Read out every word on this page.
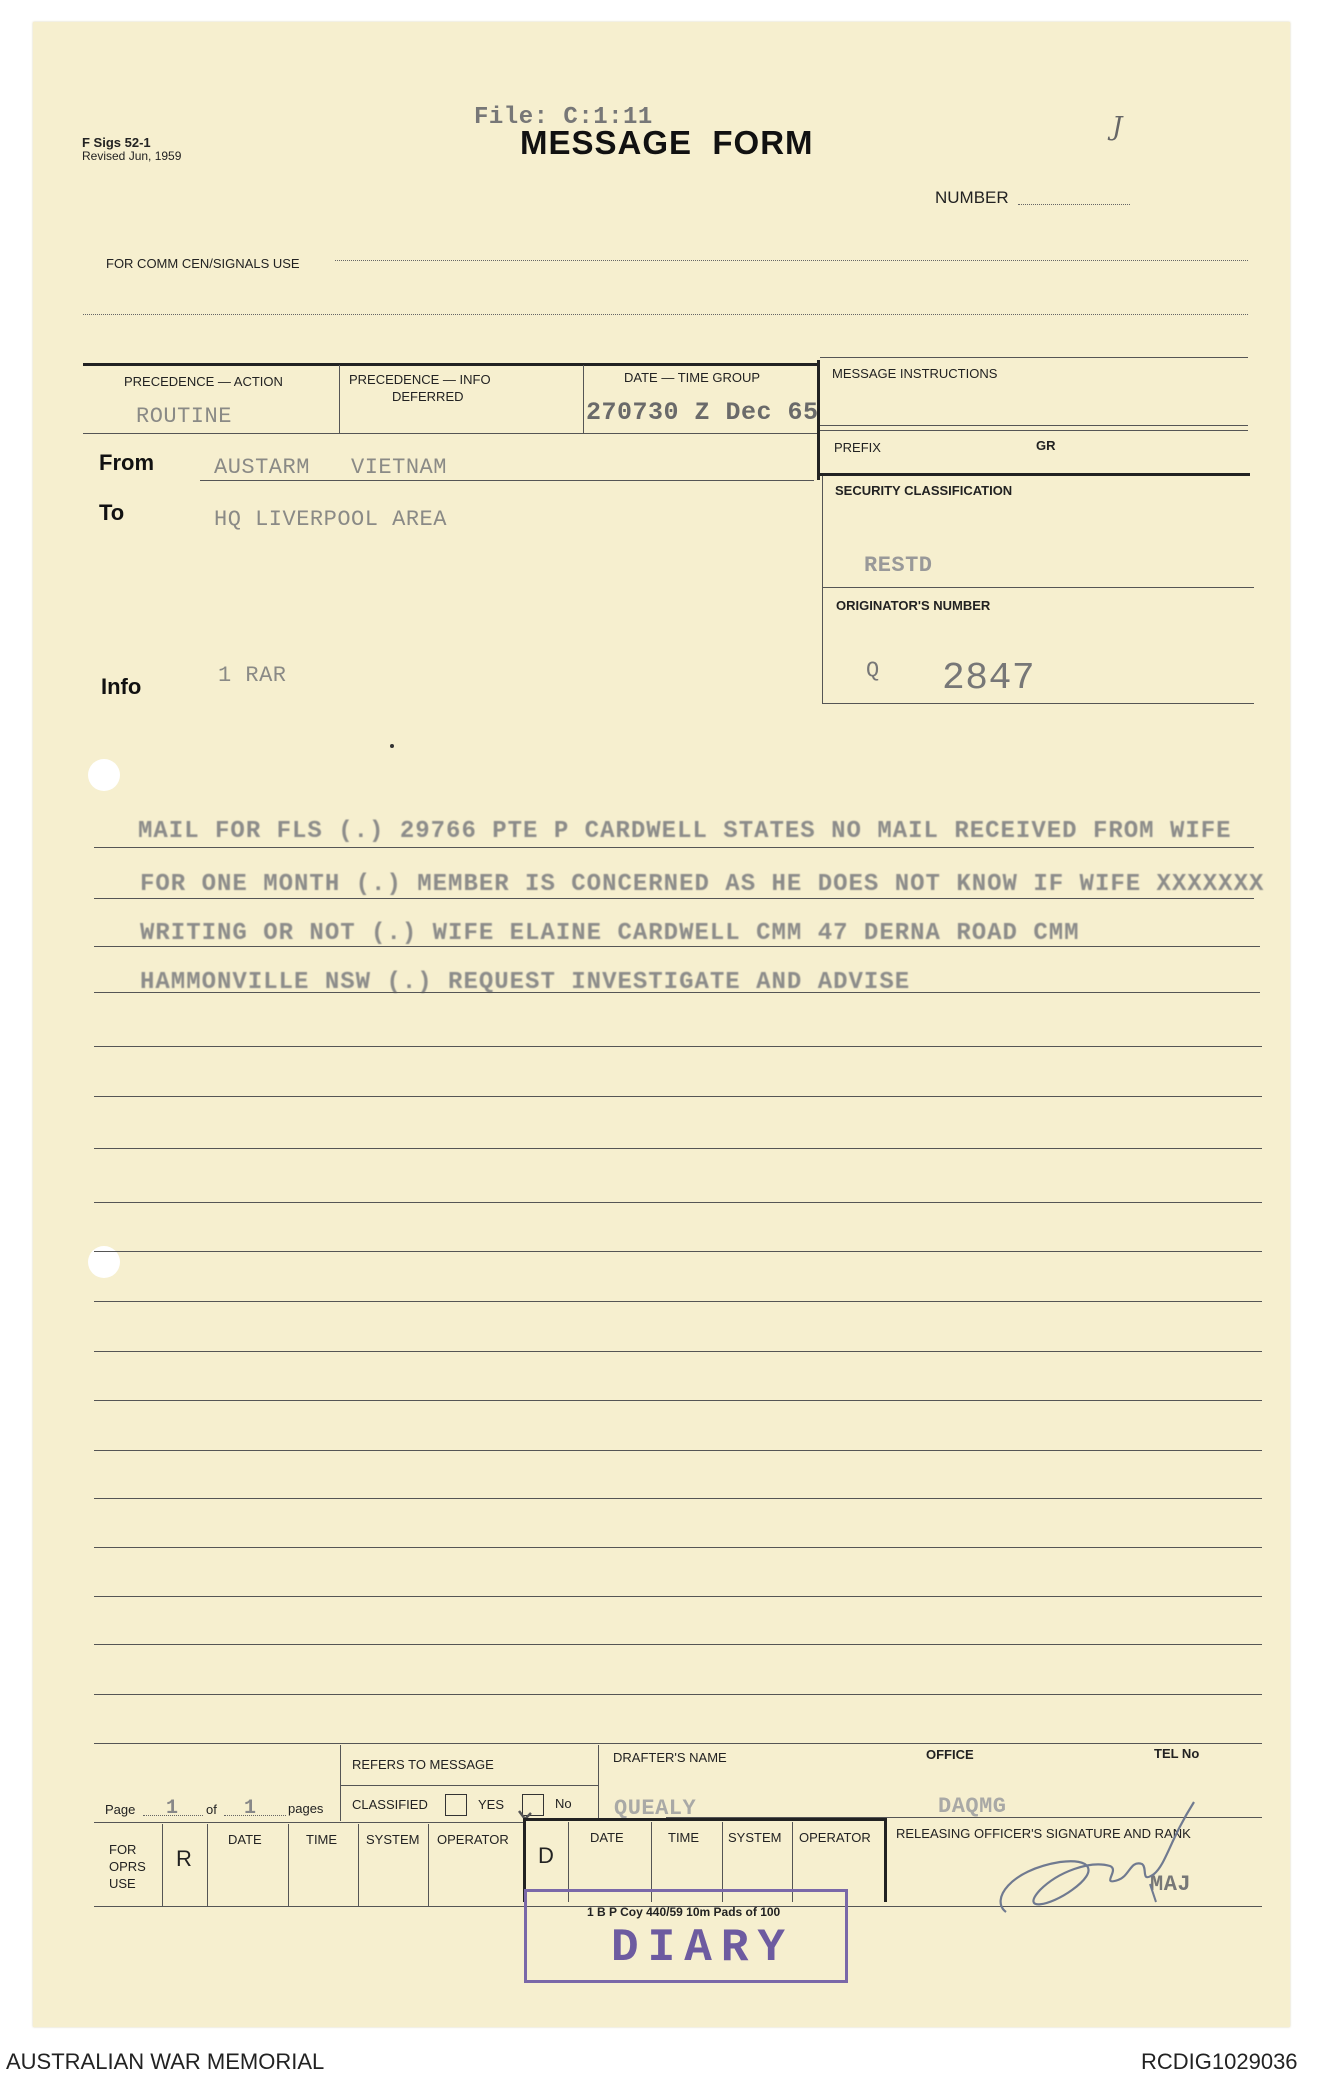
F Sigs 52-1
Revised Jun, 1959
File: C:1:11
MESSAGE  FORM	J
NUMBER
FOR COMM CEN/SIGNALS USE
PRECEDENCE — ACTION
ROUTINE
PRECEDENCE — INFO
DEFERRED
DATE — TIME GROUP
270730 Z Dec 65
MESSAGE INSTRUCTIONS
PREFIX	GR
SECURITY CLASSIFICATION
RESTD
ORIGINATOR'S NUMBER
Q 2847
From	AUSTARM   VIETNAM
To	HQ LIVERPOOL AREA
Info	1 RAR
MAIL FOR FLS (.) 29766 PTE P CARDWELL STATES NO MAIL RECEIVED FROM WIFE
FOR ONE MONTH (.) MEMBER IS CONCERNED AS HE DOES NOT KNOW IF WIFE XXXXXXX
WRITING OR NOT (.) WIFE ELAINE CARDWELL CMM 47 DERNA ROAD CMM
HAMMONVILLE NSW (.) REQUEST INVESTIGATE AND ADVISE
Page 1 of 1 pages
REFERS TO MESSAGE
CLASSIFIED	YES	No
DRAFTER'S NAME
QUEALY
OFFICE
DAQMG
TEL No
FOR OPRS USE
R
DATE	TIME SYSTEM OPERATOR
D
DATE	TIME SYSTEM OPERATOR RELEASING OFFICER'S SIGNATURE AND RANK
MAJ
1 B P Coy 440/59 10m Pads of 100
DIARY
AUSTRALIAN WAR MEMORIAL	RCDIG1029036
